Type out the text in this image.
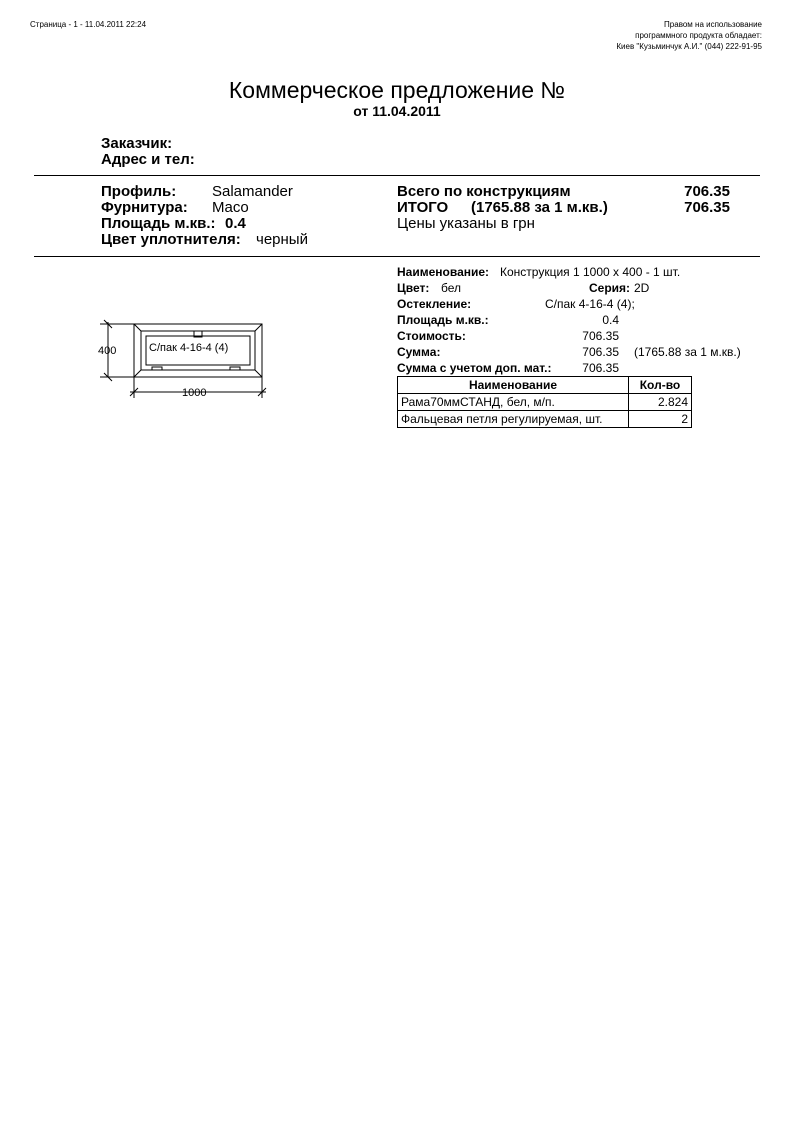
Страница - 1 - 11.04.2011 22:24	Правом на использование
программного продукта обладает:
Киев "Кузьминчук А.И." (044) 222-91-95
Коммерческое предложение №
от 11.04.2011
Заказчик:
Адрес и тел:
Профиль: Salamander
Фурнитура: Maco
Площадь м.кв.: 0.4
Цвет уплотнителя: черный
Всего по конструкциям	706.35
ИТОГО (1765.88 за 1 м.кв.)	706.35
Цены указаны в грн
400
1000
С/пак 4-16-4 (4)
Наименование: Конструкция 1 1000 x 400 - 1 шт.
Цвет: бел	Серия: 2D
Остекление:	С/пак 4-16-4 (4);
Площадь м.кв.:	0.4
Стоимость:	706.35
Сумма:	706.35 (1765.88 за 1 м.кв.)
Сумма с учетом доп. мат.:	706.35
Наименование	Кол-во
Рама70ммСТАНД, бел, м/п.	2.824
Фальцевая петля регулируемая, шт.	2
